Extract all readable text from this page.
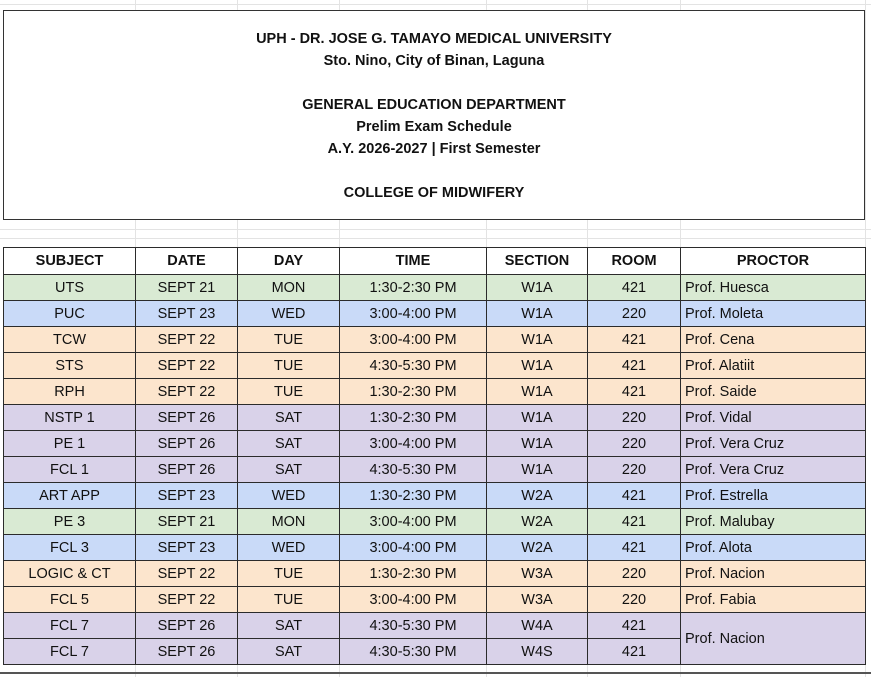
UPH - DR. JOSE G. TAMAYO MEDICAL UNIVERSITY
Sto. Nino, City of Binan, Laguna
GENERAL EDUCATION DEPARTMENT
Prelim Exam Schedule
A.Y. 2026-2027 | First Semester
COLLEGE OF MIDWIFERY
SUBJECT	DATE	DAY	TIME	SECTION	ROOM	PROCTOR
UTS	SEPT 21	MON	1:30-2:30 PM	W1A	421	Prof. Huesca
PUC	SEPT 23	WED	3:00-4:00 PM	W1A	220	Prof. Moleta
TCW	SEPT 22	TUE	3:00-4:00 PM	W1A	421	Prof. Cena
STS	SEPT 22	TUE	4:30-5:30 PM	W1A	421	Prof. Alatiit
RPH	SEPT 22	TUE	1:30-2:30 PM	W1A	421	Prof. Saide
NSTP 1	SEPT 26	SAT	1:30-2:30 PM	W1A	220	Prof. Vidal
PE 1	SEPT 26	SAT	3:00-4:00 PM	W1A	220	Prof. Vera Cruz
FCL 1	SEPT 26	SAT	4:30-5:30 PM	W1A	220	Prof. Vera Cruz
ART APP	SEPT 23	WED	1:30-2:30 PM	W2A	421	Prof. Estrella
PE 3	SEPT 21	MON	3:00-4:00 PM	W2A	421	Prof. Malubay
FCL 3	SEPT 23	WED	3:00-4:00 PM	W2A	421	Prof. Alota
LOGIC & CT	SEPT 22	TUE	1:30-2:30 PM	W3A	220	Prof. Nacion
FCL 5	SEPT 22	TUE	3:00-4:00 PM	W3A	220	Prof. Fabia
FCL 7	SEPT 26	SAT	4:30-5:30 PM	W4A	421	Prof. Nacion
FCL 7	SEPT 26	SAT	4:30-5:30 PM	W4S	421	
